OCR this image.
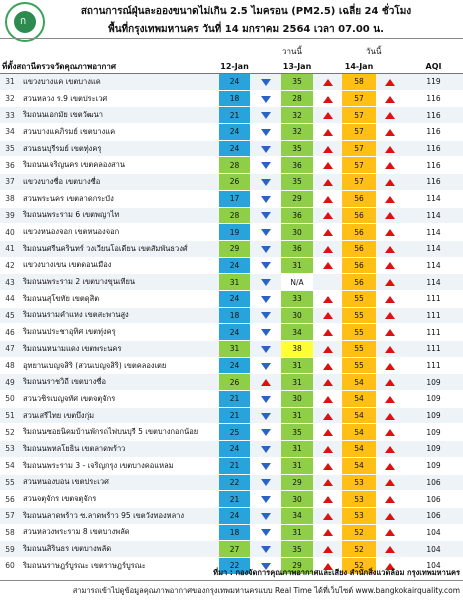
ก
สถานการณ์ฝุ่นละอองขนาดไม่เกิน 2.5 ไมครอน (PM2.5) เฉลี่ย 24 ชั่วโมง
พื้นที่กรุงเทพมหานคร วันที่ 14 มกราคม 2564 เวลา 07.00 น.
วานนี้	วันนี้
ที่ตั้งสถานีตรวจวัดคุณภาพอากาศ		12-Jan		13-Jan		14-Jan		AQI
31	แขวงบางแค เขตบางแค	24		35		58		119
32	สวนหลวง ร.9 เขตประเวศ	18		28		57		116
33	ริมถนนเอกมัย เขตวัฒนา	21		32		57		116
34	สวนบางแคภิรมย์ เขตบางแค	24		32		57		116
35	สวนธนบุรีรมย์ เขตทุ่งครุ	24		35		57		116
36	ริมถนนเจริญนคร เขตคลองสาน	28		36		57		116
37	แขวงบางซื่อ เขตบางซื่อ	26		35		57		116
38	สวนพระนคร เขตลาดกระบัง	17		29		56		114
39	ริมถนนพระราม 6 เขตพญาไท	28		36		56		114
40	แขวงหนองจอก เขตหนองจอก	19		30		56		114
41	ริมถนนศรีนครินทร์ วงเวียนโอเดียน เขตสัมพันธวงศ์	29		36		56		114
42	แขวงบางเขน เขตดอนเมือง	24		31		56		114
43	ริมถนนพระราม 2 เขตบางขุนเทียน	31		N/A		56		114
44	ริมถนนสุโขทัย เขตดุสิต	24		33		55		111
45	ริมถนนรามคำแหง เขตสะพานสูง	18		30		55		111
46	ริมถนนประชาอุทิศ เขตทุ่งครุ	24		34		55		111
47	ริมถนนหนามแดง เขตพระนคร	31		38		55		111
48	อุทยานเบญจสิริ (สวนเบญจสิริ) เขตคลองเตย	24		31		55		111
49	ริมถนนราชวิถี เขตบางซื่อ	26		31		54		109
50	สวนวชิรเบญจทัศ เขตจตุจักร	21		30		54		109
51	สวนเสรีไทย เขตบึงกุ่ม	21		31		54		109
52	ริมถนนซอยนิคมบ้านพักรถไฟบนบุรี 5 เขตบางกอกน้อย	25		35		54		109
53	ริมถนนพหลโยธิน เขตลาดพร้าว	24		31		54		109
54	ริมถนนพระราม 3 - เจริญกรุง เขตบางคอแหลม	21		31		54		109
55	สวนหนองบอน เขตประเวศ	22		29		53		106
56	สวนจตุจักร เขตจตุจักร	21		30		53		106
57	ริมถนนลาดพร้าว ซ.ลาดพร้าว 95 เขตวังทองหลาง	24		34		53		106
58	สวนหลวงพระราม 8 เขตบางพลัด	18		31		52		104
59	ริมถนนสิรินธร เขตบางพลัด	27		35		52		104
60	ริมถนนราษฎร์บูรณะ เขตราษฎร์บูรณะ	22		29		52		104
ที่มา : กองจัดการคุณภาพอากาศและเสียง สำนักสิ่งแวดล้อม กรุงเทพมหานคร
สามารถเข้าไปดูข้อมูลคุณภาพอากาศของกรุงเทพมหานครแบบ Real Time ได้ที่เว็บไซต์ www.bangkokairquality.com
